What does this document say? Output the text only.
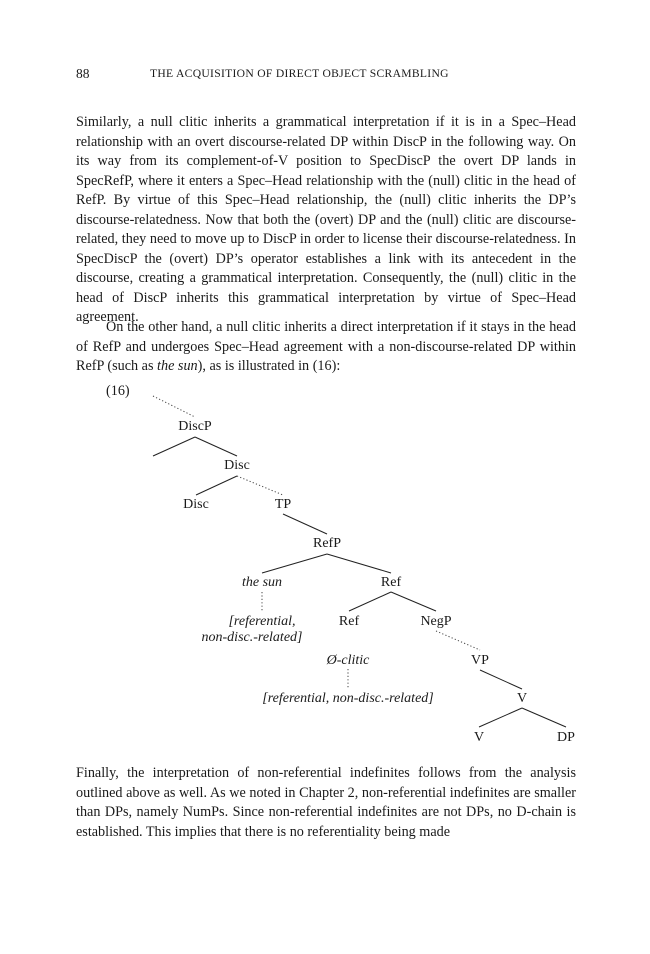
88	THE ACQUISITION OF DIRECT OBJECT SCRAMBLING

Similarly, a null clitic inherits a grammatical interpretation if it is in a Spec–Head relationship with an overt discourse-related DP within DiscP in the following way. On its way from its complement-of-V position to SpecDiscP the overt DP lands in SpecRefP, where it enters a Spec–Head relationship with the (null) clitic in the head of RefP. By virtue of this Spec–Head relationship, the (null) clitic inherits the DP’s discourse-relatedness. Now that both the (overt) DP and the (null) clitic are discourse-related, they need to move up to DiscP in order to license their discourse-relatedness. In SpecDiscP the (overt) DP’s operator establishes a link with its antecedent in the discourse, creating a grammatical interpretation. Consequently, the (null) clitic in the head of DiscP inherits this grammatical interpretation by virtue of Spec–Head agreement.

On the other hand, a null clitic inherits a direct interpretation if it stays in the head of RefP and undergoes Spec–Head agreement with a non-discourse-related DP within RefP (such as the sun), as is illustrated in (16):

(16)
DiscP
Disc
Disc	TP
RefP
the sun	Ref
[referential,
non-disc.-related]
Ref	NegP
Ø-clitic	VP
[referential, non-disc.-related]	V
V	DP

Finally, the interpretation of non-referential indefinites follows from the analysis outlined above as well. As we noted in Chapter 2, non-referential indefinites are smaller than DPs, namely NumPs. Since non-referential indefinites are not DPs, no D-chain is established. This implies that there is no referentiality being made
